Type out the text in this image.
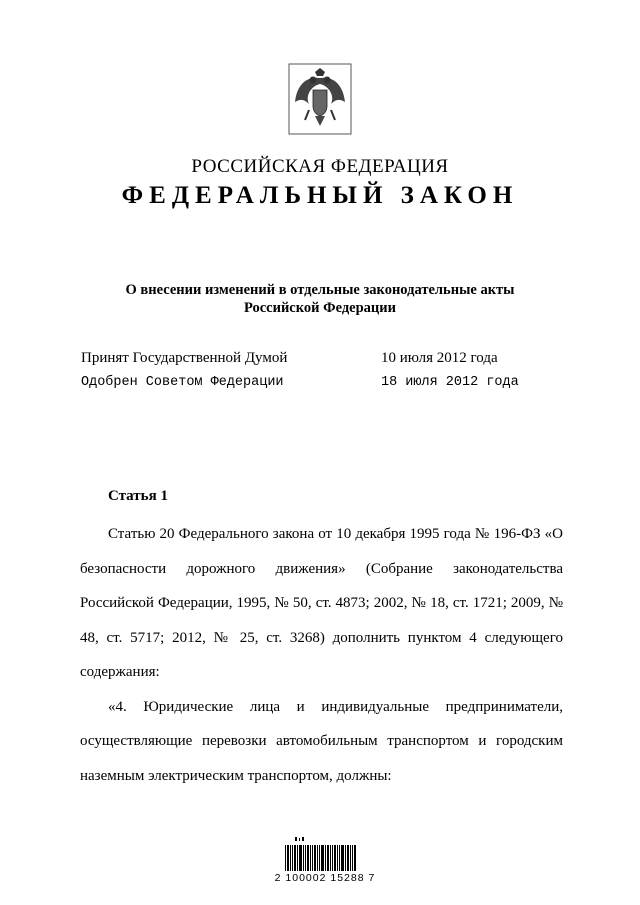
РОССИЙСКАЯ ФЕДЕРАЦИЯ
ФЕДЕРАЛЬНЫЙ ЗАКОН
О внесении изменений в отдельные законодательные акты
Российской Федерации
Принят Государственной Думой	10 июля 2012 года
Одобрен Советом Федерации	18 июля 2012 года
Статья 1

Статью 20 Федерального закона от 10 декабря 1995 года № 196-ФЗ «О безопасности дорожного движения» (Собрание законодательства Российской Федерации, 1995, № 50, ст. 4873; 2002, № 18, ст. 1721; 2009, № 48, ст. 5717; 2012, № 25, ст. 3268) дополнить пунктом 4 следующего содержания:

«4. Юридические лица и индивидуальные предприниматели, осуществляющие перевозки автомобильным транспортом и городским наземным электрическим транспортом, должны:

2 100002 15288 7
